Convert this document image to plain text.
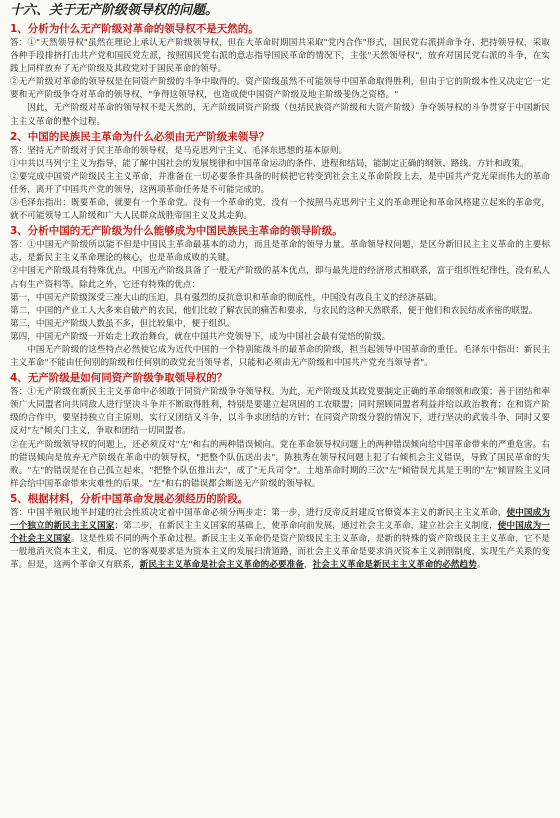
十六、关于无产阶级领导权的问题。
1、分析为什么无产阶级对革命的领导权不是天然的。

答：①"天然领导权"虽然在理论上承认无产阶级领导权，但在大革命时期国共采取"党内合作"形式，国民党右派拼命争夺、把持领导权，采取各种手段排挤打击共产党和国民党左派，按照国民党右派的意志指导国民革命的情况下，主张"天然领导权"，放弃对国民党右派的斗争，在实践上同样放弃了无产阶级及其政党对于国民革命的领导。

②无产阶级对革命的领导权是在同资产阶级的斗争中取得的。资产阶级虽然不可能领导中国革命取得胜利，但由于它的阶级本性又决定它一定要和无产阶级争夺对革命的领导权，"争得这领导权，也造成使中国资产阶级及地主阶级斐伪之资格。"

因此，无产阶级对革命的领导权不是天然的，无产阶级同资产阶级（包括民族资产阶级和大资产阶级）争夺领导权的斗争贯穿于中国新民主主义革命的整个过程。

2、中国的民族民主革命为什么必须由无产阶级来领导？

答：坚持无产阶级对于民主革命的领导权，是马克思列宁主义、毛泽东思想的基本原则。

①中共以马列宁主义为指导，能了解中国社会的发展规律和中国革命运动的条件、进程和结局，能制定正确的纲领、路线、方针和政策。

②要完成中国资产阶级民主主义革命，并准备在一切必要条件具备的时候把它转变到社会主义革命阶段上去，是中国共产党光荣而伟大的革命任务，离开了中国共产党的领导，这两项革命任务是不可能完成的。

③毛泽东指出：既要革命，就要有一个革命党。没有一个革命的党，没有一个按照马克思列宁主义的革命理论和革命风格建立起来的革命党，就不可能领导工人阶级和广大人民群众战胜帝国主义及其走狗。

3、分析中国的无产阶级为什么能够成为中国民族民主革命的领导阶级。

答：①中国无产阶级所以能不但是中国民主革命最基本的动力，而且是革命的领导力量。革命领导权问题，是区分新旧民主主义革命的主要标志，是新民主主义革命理论的核心，也是革命成败的关键。

②中国无产阶级具有特殊优点。中国无产阶级具备了一般无产阶级的基本优点，即与最先进的经济形式相联系，富于组织性纪律性，没有私人占有生产资料等。除此之外，它还有特殊的优点：

第一，中国无产阶级深受三座大山的压迫，具有强烈的反抗意识和革命的彻底性，中国没有改良主义的经济基础。

第二，中国的产业工人大多来自破产的农民，他们比较了解农民的痛苦和要求，与农民的这种天然联系，便于他们和农民结成亲密的联盟。

第三，中国无产阶级人数虽不多，但比较集中，便于组织。

第四，中国无产阶级一开始走上政治舞台，就在中国共产党领导下，成为中国社会最有觉悟的阶级。

中国无产阶级的这些特点必然使它成为近代中国的一个特别能战斗的最革命的阶级，担当起领导中国革命的重任。毛泽东中指出：新民主主义革命"不能由任何别的阶级和任何别的政党充当领导者，只能和必须由无产阶级和中国共产党充当领导者"。

4、无产阶级是如何同资产阶级争取领导权的？

答：①无产阶级在新民主主义革命中必须敢于同资产阶级争夺领导权。为此，无产阶级及其政党要制定正确的革命纲领和政策；善于团结和率领广大同盟者向共同敌人进行坚决斗争并不断取得胜利，特别是要建立起巩固的工农联盟；同时照顾同盟者利益并给以政治教育；在和资产阶级的合作中，要坚持独立自主原则，实行又团结又斗争，以斗争求团结的方针；在同资产阶级分裂的情况下，进行坚决的武装斗争，同时又要反对"左"倾关门主义，争取和团结一切同盟者。

②在无产阶级领导权的问题上，还必须反对"左"和右的两种错误倾向。党在革命领导权问题上的两种错误倾向给中国革命带来的严重危害。右的错误倾向是放弃无产阶级在革命中的领导权，"把整个队伍送出去"，陈独秀在领导权问题上犯了右倾机会主义错误，导致了国民革命的失败。"左"的错误是在自己孤立起来，"把整个队伍推出去"，成了"无兵司令"。土地革命时期的三次"左"倾错误尤其是王明的"左"倾冒险主义同样会给中国革命带来灾难性的后果。"左"和右的错误都会断送无产阶级的领导权。

5、根据材料，分析中国革命发展必须经历的阶段。

答：中国半殖民地半封建的社会性质决定着中国革命必须分两步走：第一步，进行反帝反封建反官僚资本主义的新民主主义革命，使中国成为一个独立的新民主主义国家；第二步，在新民主主义国家的基础上，使革命向前发展，通过社会主义革命，建立社会主义制度，使中国成为一个社会主义国家。这是性质不同的两个革命过程。新民主主义革命仍是资产阶级民主主义革命，是新的特殊的资产阶级民主主义革命，它不是一般地消灭资本主义，相反，它的客观要求是为资本主义的发展扫清道路，而社会主义革命是要求消灭资本主义剥削制度，实现生产关系的变革。但是，这两个革命又有联系，新民主主义革命是社会主义革命的必要准备，社会主义革命是新民主主义革命的必然趋势。
